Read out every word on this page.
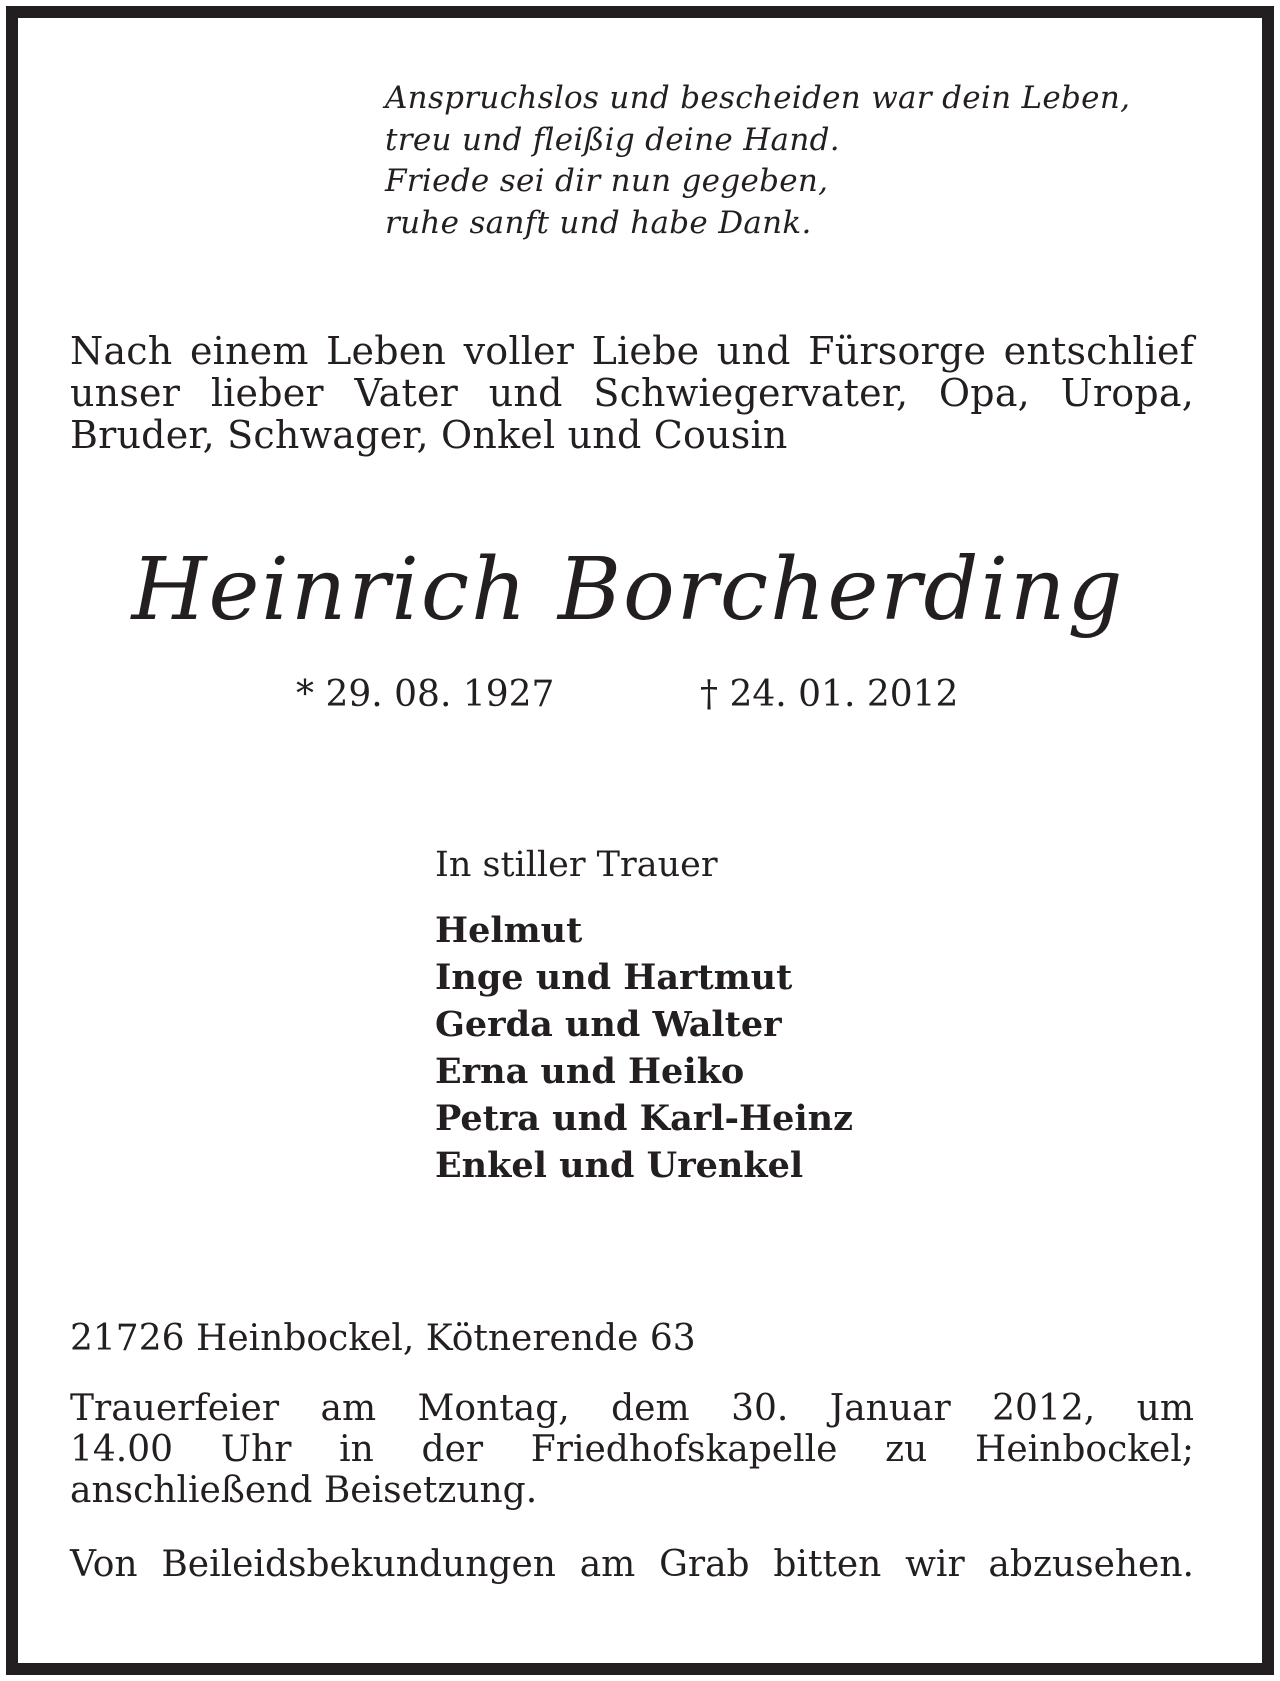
Anspruchslos und bescheiden war dein Leben,
treu und fleißig deine Hand.
Friede sei dir nun gegeben,
ruhe sanft und habe Dank.
Nach einem Leben voller Liebe und Fürsorge entschlief
unser lieber Vater und Schwiegervater, Opa, Uropa,
Bruder, Schwager, Onkel und Cousin
Heinrich Borcherding
* 29. 08. 1927	† 24. 01. 2012
In stiller Trauer
Helmut
Inge und Hartmut
Gerda und Walter
Erna und Heiko
Petra und Karl-Heinz
Enkel und Urenkel
21726 Heinbockel, Kötnerende 63
Trauerfeier am Montag, dem 30. Januar 2012, um
14.00 Uhr in der Friedhofskapelle zu Heinbockel;
anschließend Beisetzung.
Von Beileidsbekundungen am Grab bitten wir abzusehen.
